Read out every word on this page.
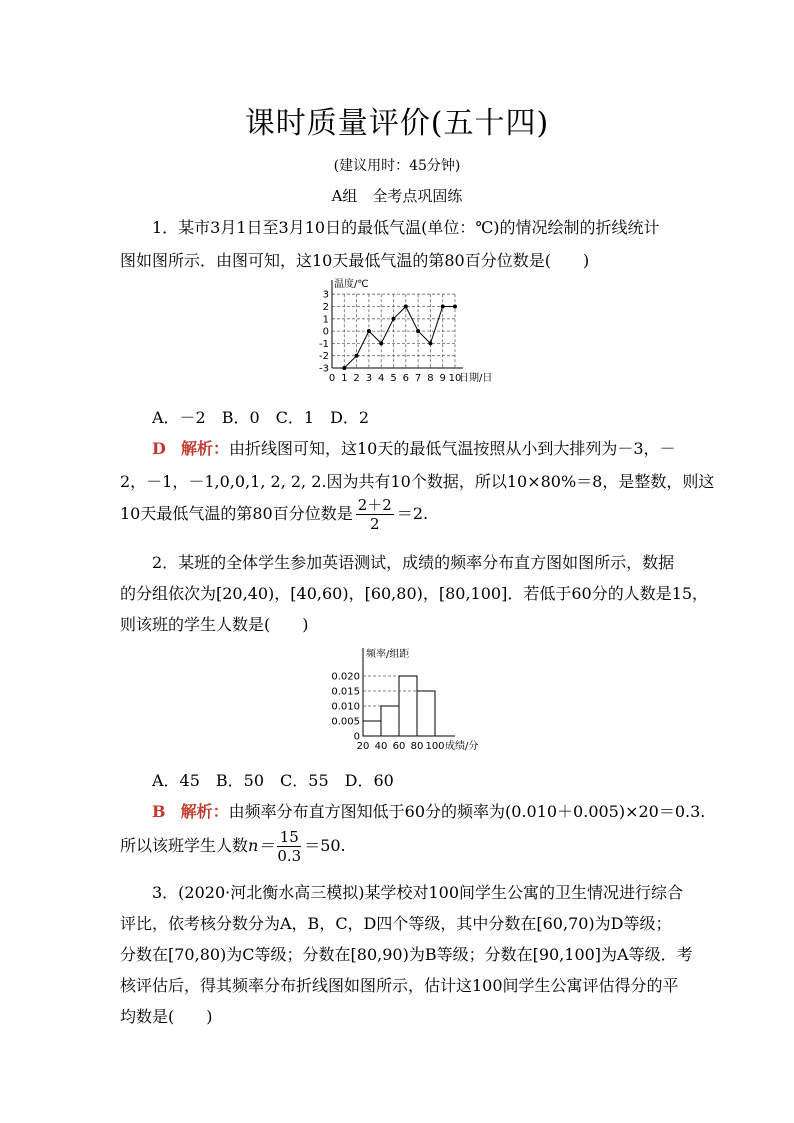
课时质量评价(五十四)
(建议用时：45分钟)
A组　全考点巩固练
1．某市3月1日至3月10日的最低气温(单位：℃)的情况绘制的折线统计
图如图所示．由图可知，这10天最低气温的第80百分位数是(　　)
温度/℃
日期/日
3
2
1
0
-1
-2
-3
0 1 2 3 4 5 6 7 8 9 10
A．－2　B．0　C．1　D．2
D 解析：由折线图可知，这10天的最低气温按照从小到大排列为－3，－
2，－1，－1,0,0,1, 2, 2, 2.因为共有10个数据，所以10×80%＝8，是整数，则这
10天最低气温的第80百分位数是 $\frac{2+2}{2} =2$.
2．某班的全体学生参加英语测试，成绩的频率分布直方图如图所示，数据
的分组依次为[20,40)，[40,60)，[60,80)，[80,100]．若低于60分的人数是15，
则该班的学生人数是(　　)
频率/组距
成绩/分
0.020
0.015
0.010
0.005
0
20 40 60 80 100
A．45　B．50　C．55　D．60
B 解析：由频率分布直方图知低于60分的频率为(0.010＋0.005)×20＝0.3.
所以该班学生人数$n= \frac{15}{0.3} =50$.
3．(2020·河北衡水高三模拟)某学校对100间学生公寓的卫生情况进行综合
评比，依考核分数分为A，B，C，D四个等级，其中分数在[60,70)为D等级；
分数在[70,80)为C等级；分数在[80,90)为B等级；分数在[90,100]为A等级．考
核评估后，得其频率分布折线图如图所示，估计这100间学生公寓评估得分的平
均数是(　　)
